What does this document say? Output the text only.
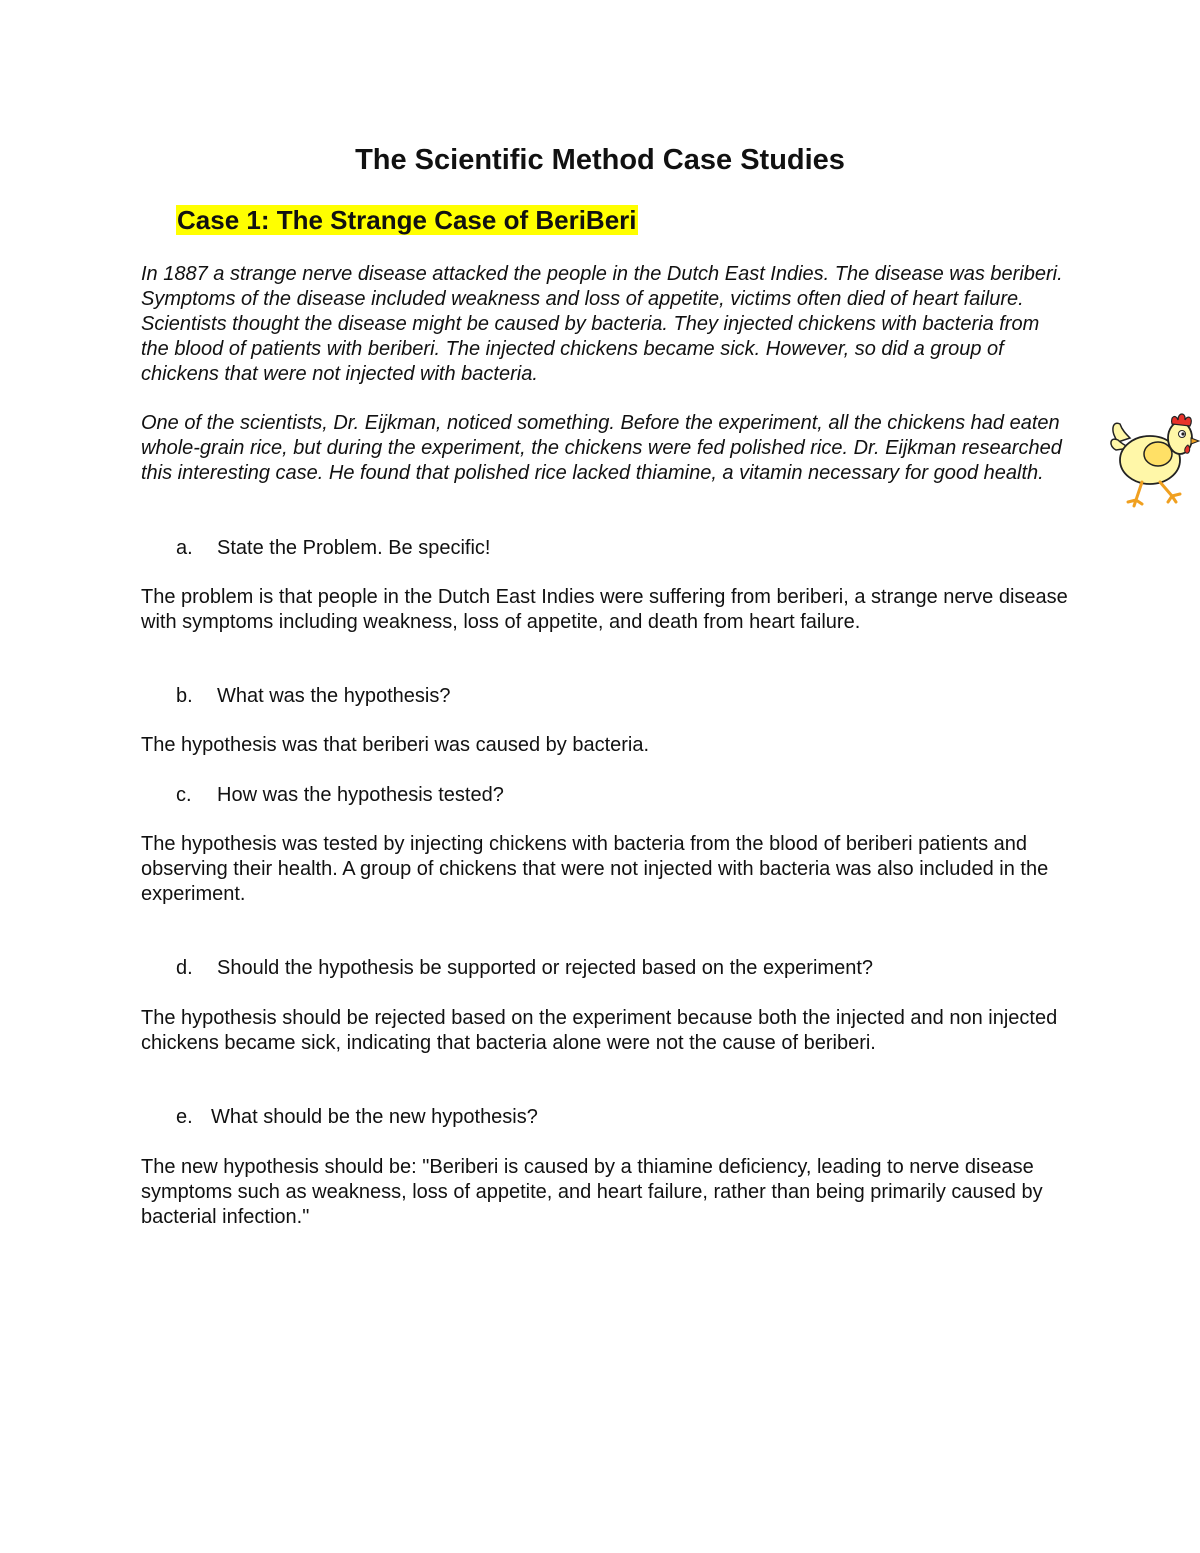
The Scientific Method Case Studies
Case 1: The Strange Case of BeriBeri

In 1887 a strange nerve disease attacked the people in the Dutch East Indies. The disease was beriberi. Symptoms of the disease included weakness and loss of appetite, victims often died of heart failure. Scientists thought the disease might be caused by bacteria. They injected chickens with bacteria from the blood of patients with beriberi. The injected chickens became sick. However, so did a group of chickens that were not injected with bacteria.

One of the scientists, Dr. Eijkman, noticed something. Before the experiment, all the chickens had eaten whole-grain rice, but during the experiment, the chickens were fed polished rice. Dr. Eijkman researched this interesting case. He found that polished rice lacked thiamine, a vitamin necessary for good health.

a. State the Problem. Be specific!

The problem is that people in the Dutch East Indies were suffering from beriberi, a strange nerve disease with symptoms including weakness, loss of appetite, and death from heart failure.

b. What was the hypothesis?

The hypothesis was that beriberi was caused by bacteria.

c. How was the hypothesis tested?

The hypothesis was tested by injecting chickens with bacteria from the blood of beriberi patients and observing their health. A group of chickens that were not injected with bacteria was also included in the experiment.

d. Should the hypothesis be supported or rejected based on the experiment?

The hypothesis should be rejected based on the experiment because both the injected and non injected chickens became sick, indicating that bacteria alone were not the cause of beriberi.

e. What should be the new hypothesis?

The new hypothesis should be: "Beriberi is caused by a thiamine deficiency, leading to nerve disease symptoms such as weakness, loss of appetite, and heart failure, rather than being primarily caused by bacterial infection."
